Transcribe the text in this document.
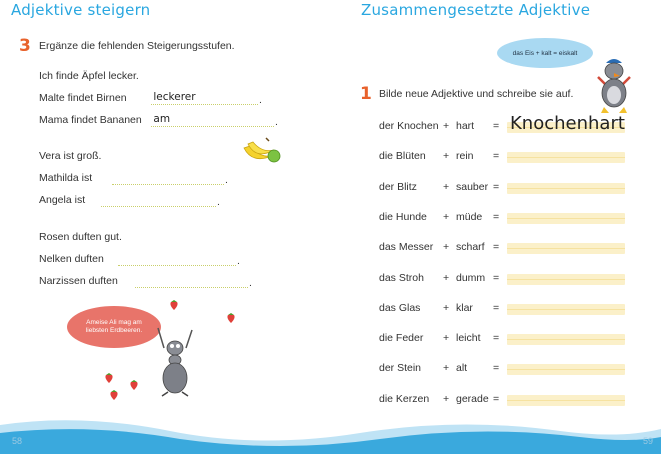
Adjektive steigern
3 Ergänze die fehlenden Steigerungsstufen.
Ich finde Äpfel lecker.
Malte findet Birnen	leckerer	.
Mama findet Bananen am	.
Vera ist groß.
Mathilda ist	.
Angela ist	.
Rosen duften gut.
Nelken duften	.
Narzissen duften	.
Ameise Ali mag am liebsten Erdbeeren.
Zusammengesetzte Adjektive
das Eis + kalt = eiskalt
1 Bilde neue Adjektive und schreibe sie auf.
der Knochen + hart = Knochenhart
die Blüten + rein =
der Blitz + sauber =
die Hunde + müde =
das Messer + scharf =
das Stroh + dumm =
das Glas + klar =
die Feder + leicht =
der Stein + alt =
die Kerzen + gerade =
58	59
